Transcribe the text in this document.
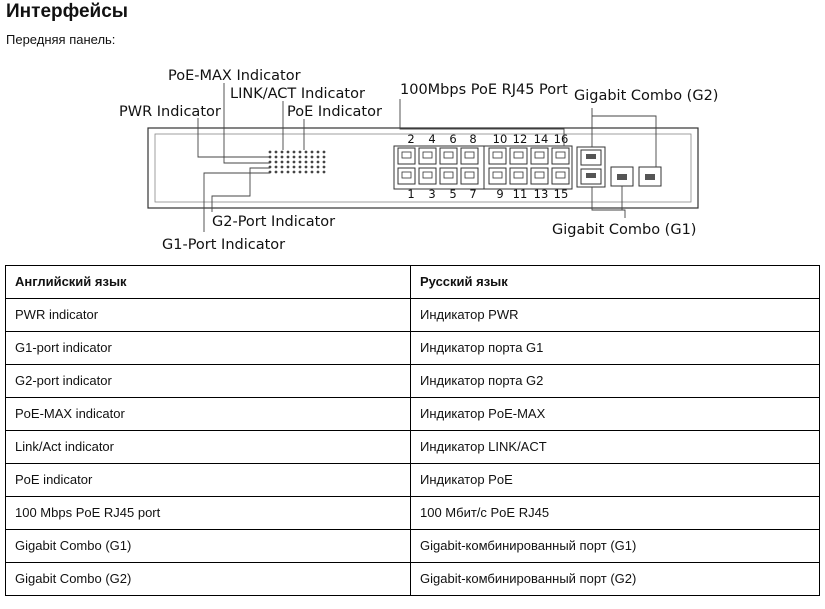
Интерфейсы

Передняя панель:

2 4 6 8 10 12 14 16
1 3 5 7 9 11 13 15
PoE-MAX Indicator
LINK/ACT Indicator
PWR Indicator	PoE Indicator
100Mbps PoE RJ45 Port Gigabit Combo (G2)
G2-Port Indicator
G1-Port Indicator
Gigabit Combo (G1)
Английский язык	Русский язык
PWR indicator	Индикатор PWR
G1-port indicator	Индикатор порта G1
G2-port indicator	Индикатор порта G2
PoE-MAX indicator	Индикатор PoE-MAX
Link/Act indicator	Индикатор LINK/ACT
PoE indicator	Индикатор PoE
100 Mbps PoE RJ45 port	100 Мбит/с PoE RJ45
Gigabit Combo (G1)	Gigabit-комбинированный порт (G1)
Gigabit Combo (G2)	Gigabit-комбинированный порт (G2)
